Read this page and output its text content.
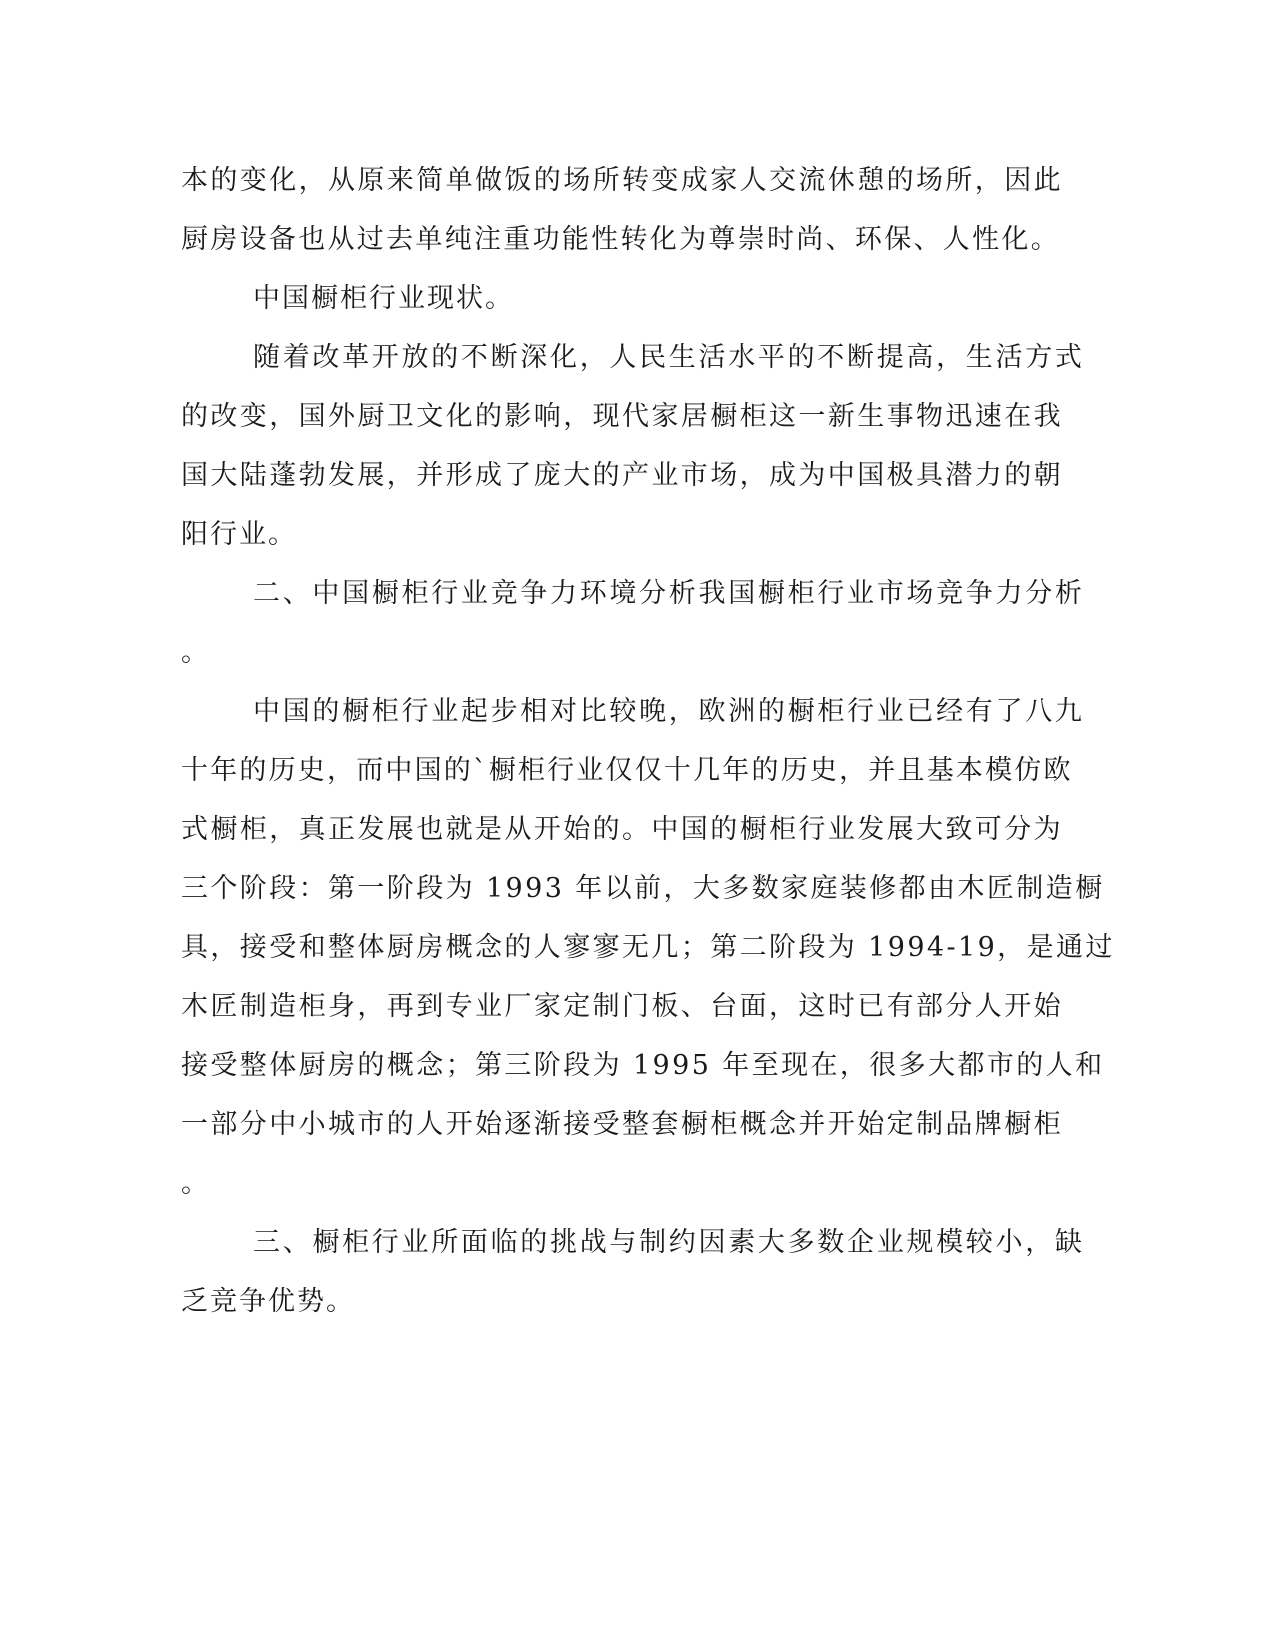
本的变化，从原来简单做饭的场所转变成家人交流休憩的场所，因此
厨房设备也从过去单纯注重功能性转化为尊崇时尚、环保、人性化。
中国橱柜行业现状。
随着改革开放的不断深化，人民生活水平的不断提高，生活方式
的改变，国外厨卫文化的影响，现代家居橱柜这一新生事物迅速在我
国大陆蓬勃发展，并形成了庞大的产业市场，成为中国极具潜力的朝
阳行业。
二、中国橱柜行业竞争力环境分析我国橱柜行业市场竞争力分析
。
中国的橱柜行业起步相对比较晚，欧洲的橱柜行业已经有了八九
十年的历史，而中国的`橱柜行业仅仅十几年的历史，并且基本模仿欧
式橱柜，真正发展也就是从开始的。中国的橱柜行业发展大致可分为
三个阶段：第一阶段为 1993 年以前，大多数家庭装修都由木匠制造橱
具，接受和整体厨房概念的人寥寥无几；第二阶段为 1994-19，是通过
木匠制造柜身，再到专业厂家定制门板、台面，这时已有部分人开始
接受整体厨房的概念；第三阶段为 1995 年至现在，很多大都市的人和
一部分中小城市的人开始逐渐接受整套橱柜概念并开始定制品牌橱柜
。
三、橱柜行业所面临的挑战与制约因素大多数企业规模较小，缺
乏竞争优势。
